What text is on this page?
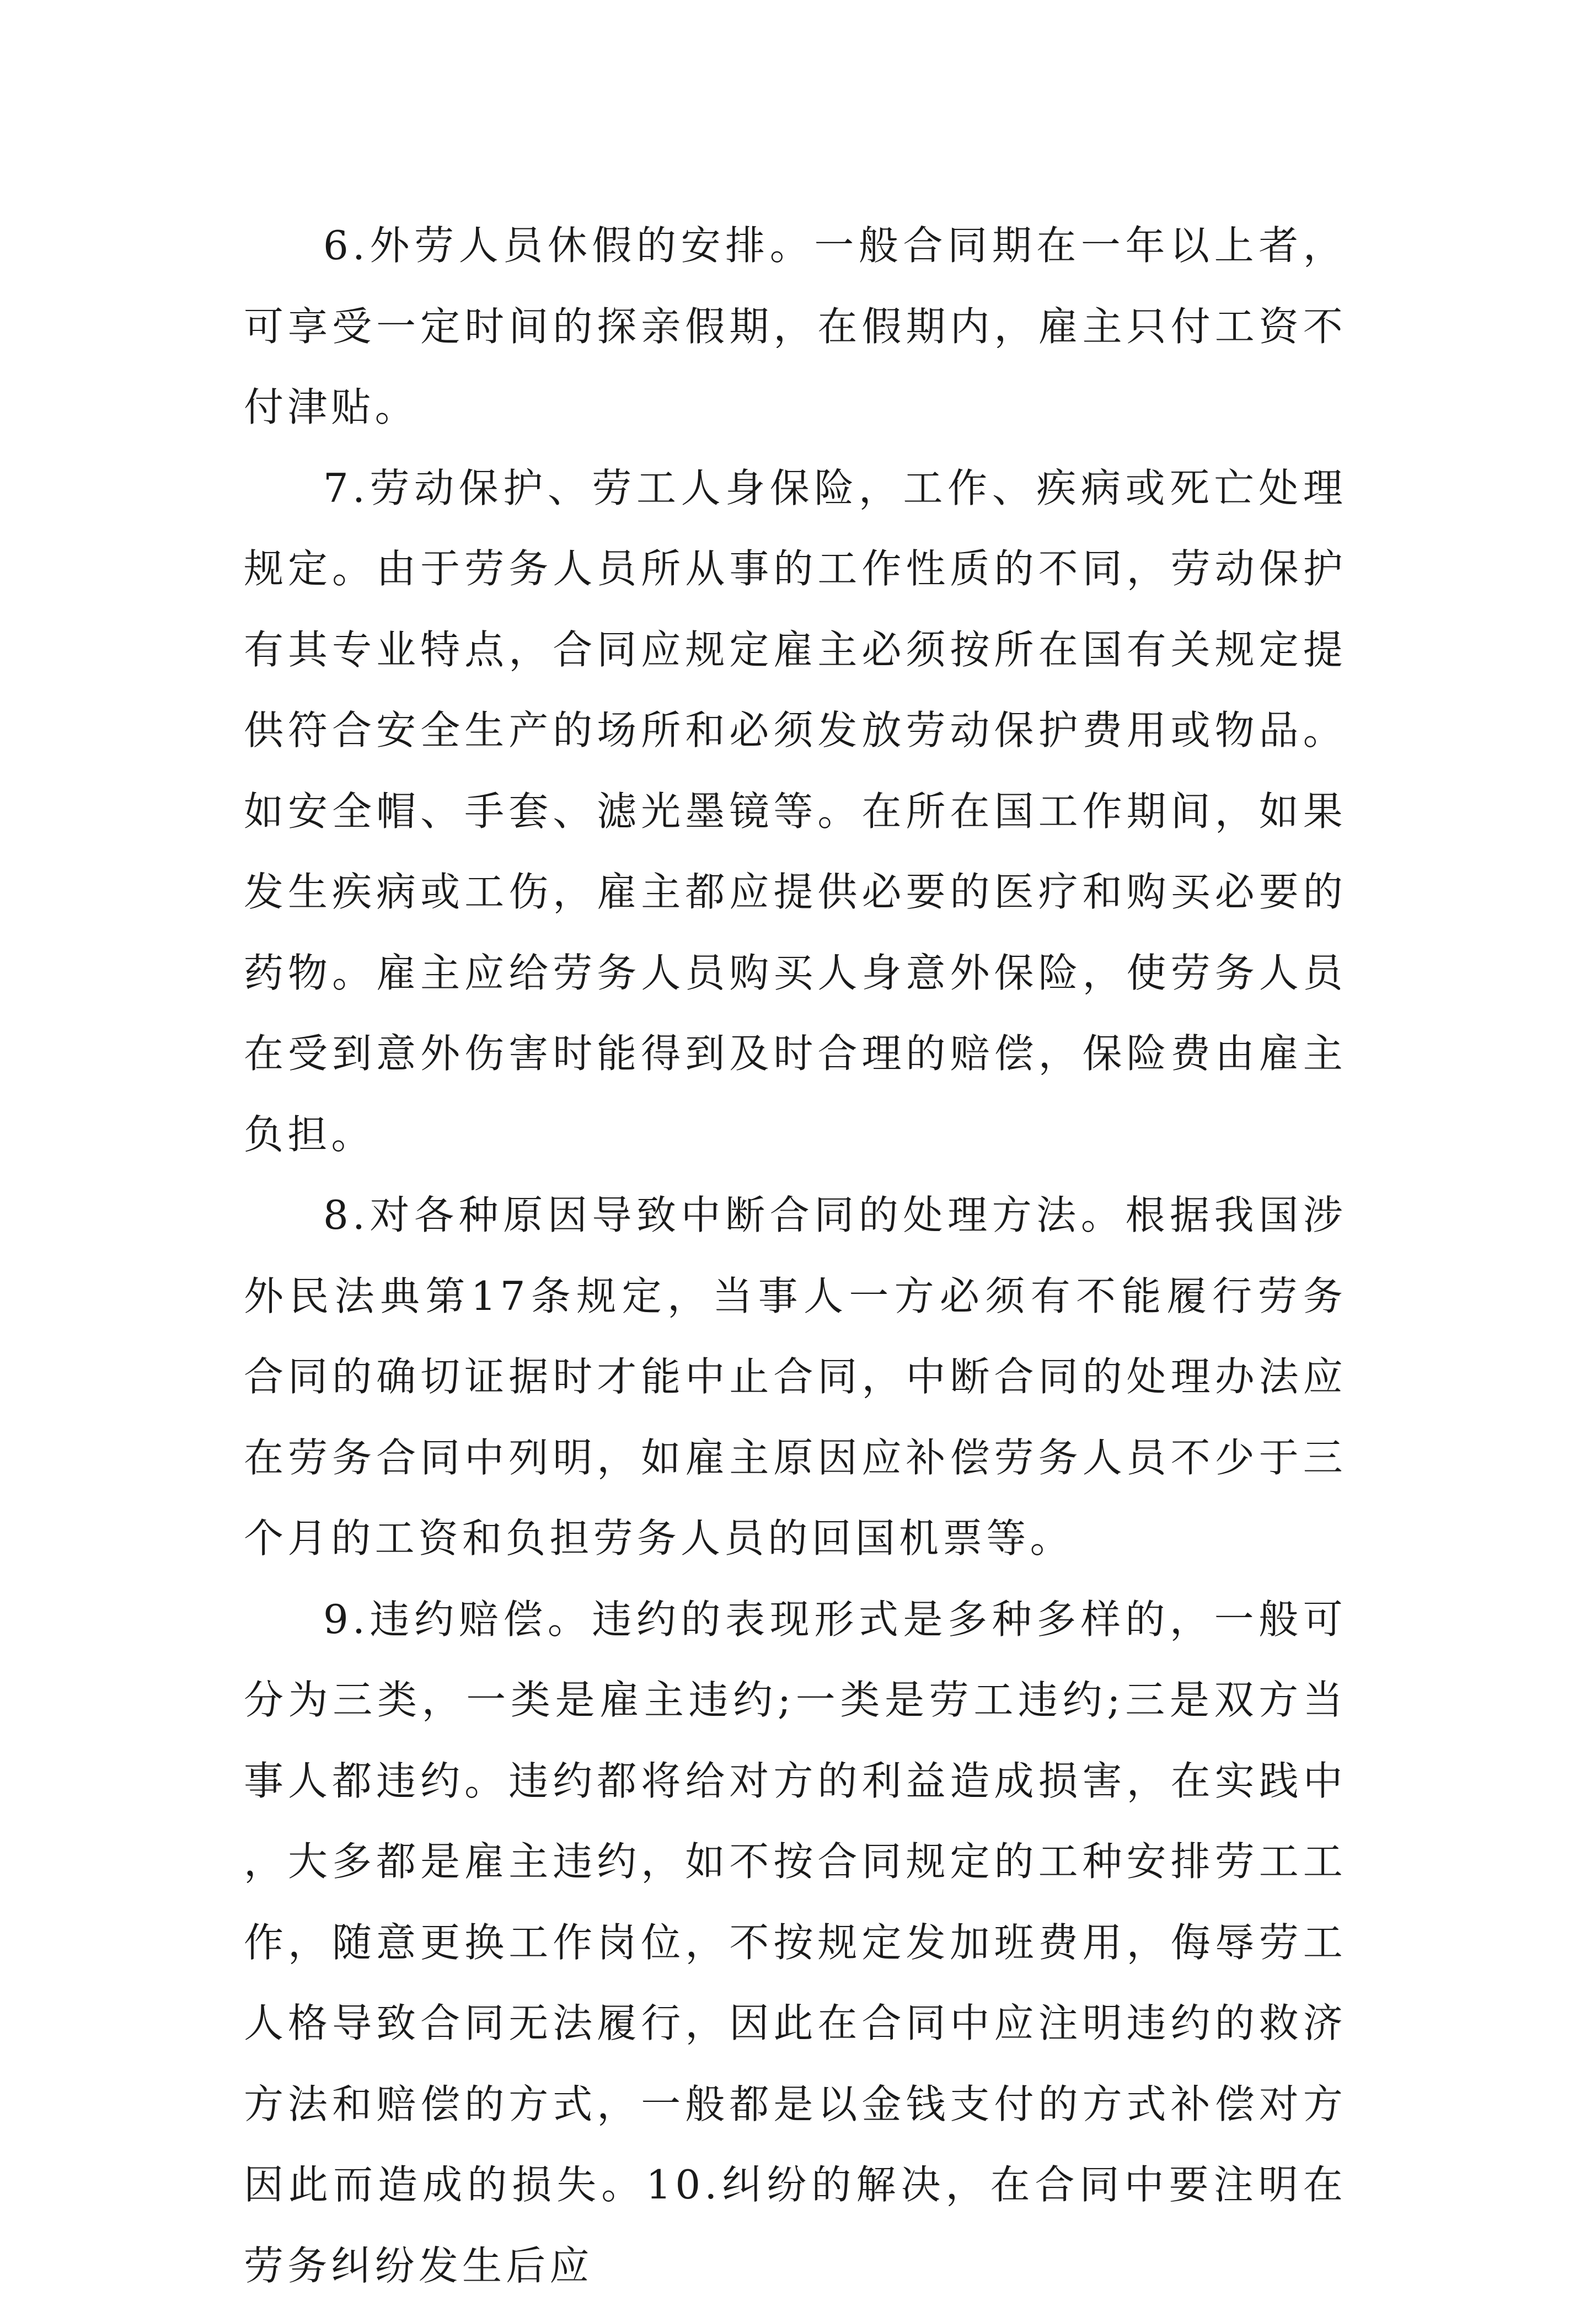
6.外劳人员休假的安排。一般合同期在一年以上者，可享受一定时间的探亲假期，在假期内，雇主只付工资不付津贴。

7.劳动保护、劳工人身保险，工作、疾病或死亡处理规定。由于劳务人员所从事的工作性质的不同，劳动保护有其专业特点，合同应规定雇主必须按所在国有关规定提供符合安全生产的场所和必须发放劳动保护费用或物品。如安全帽、手套、滤光墨镜等。在所在国工作期间，如果发生疾病或工伤，雇主都应提供必要的医疗和购买必要的药物。雇主应给劳务人员购买人身意外保险，使劳务人员在受到意外伤害时能得到及时合理的赔偿，保险费由雇主负担。

8.对各种原因导致中断合同的处理方法。根据我国涉外民法典第17条规定，当事人一方必须有不能履行劳务合同的确切证据时才能中止合同，中断合同的处理办法应在劳务合同中列明，如雇主原因应补偿劳务人员不少于三个月的工资和负担劳务人员的回国机票等。

9.违约赔偿。违约的表现形式是多种多样的，一般可分为三类，一类是雇主违约;一类是劳工违约;三是双方当事人都违约。违约都将给对方的利益造成损害，在实践中，大多都是雇主违约，如不按合同规定的工种安排劳工工作，随意更换工作岗位，不按规定发加班费用，侮辱劳工人格导致合同无法履行，因此在合同中应注明违约的救济方法和赔偿的方式，一般都是以金钱支付的方式补偿对方因此而造成的损失。10.纠纷的解决，在合同中要注明在劳务纠纷发生后应
